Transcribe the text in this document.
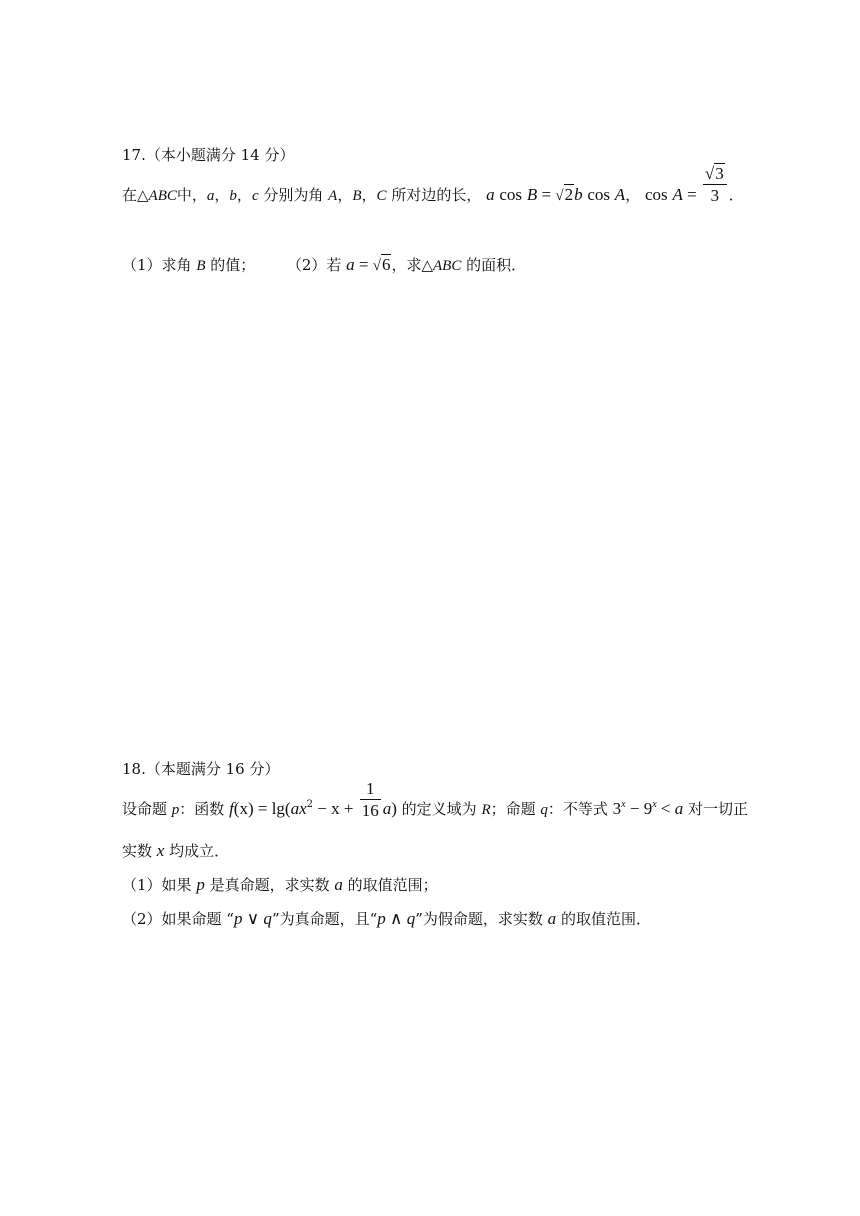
17.（本小题满分 14 分）
在△ABC中，a，b，c 分别为角 A，B，C 所对边的长， a cos B = √2b cos A， $\cos A = \frac{√3}{3}$ ．
（1）求角 B 的值； （2）若 a = √6，求△ABC 的面积．
18.（本题满分 16 分）
设命题 p：函数 $f(x) = \lg(ax^2 - x + \frac{1}{16} a)$ 的定义域为 R；命题 q：不等式 $3^x - 9^x < a$ 对一切正
实数 x 均成立．
（1）如果 p 是真命题，求实数 a 的取值范围；
（2）如果命题 “p ∨ q”为真命题，且“p ∧ q”为假命题，求实数 a 的取值范围．
